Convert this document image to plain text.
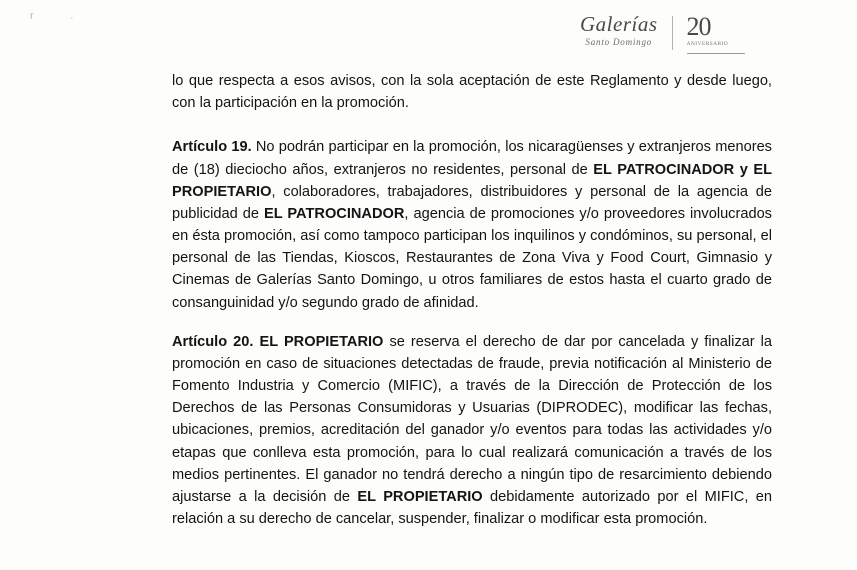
r	·	Galerías
Santo Domingo
20
ANIVERSARIO

lo que respecta a esos avisos, con la sola aceptación de este Reglamento y desde luego, con la participación en la promoción.

Artículo 19. No podrán participar en la promoción, los nicaragüenses y extranjeros menores de (18) dieciocho años, extranjeros no residentes, personal de EL PATROCINADOR y EL PROPIETARIO, colaboradores, trabajadores, distribuidores y personal de la agencia de publicidad de EL PATROCINADOR, agencia de promociones y/o proveedores involucrados en ésta promoción, así como tampoco participan los inquilinos y condóminos, su personal, el personal de las Tiendas, Kioscos, Restaurantes de Zona Viva y Food Court, Gimnasio y Cinemas de Galerías Santo Domingo, u otros familiares de estos hasta el cuarto grado de consanguinidad y/o segundo grado de afinidad.

Artículo 20. EL PROPIETARIO se reserva el derecho de dar por cancelada y finalizar la promoción en caso de situaciones detectadas de fraude, previa notificación al Ministerio de Fomento Industria y Comercio (MIFIC), a través de la Dirección de Protección de los Derechos de las Personas Consumidoras y Usuarias (DIPRODEC), modificar las fechas, ubicaciones, premios, acreditación del ganador y/o eventos para todas las actividades y/o etapas que conlleva esta promoción, para lo cual realizará comunicación a través de los medios pertinentes. El ganador no tendrá derecho a ningún tipo de resarcimiento debiendo ajustarse a la decisión de EL PROPIETARIO debidamente autorizado por el MIFIC, en relación a su derecho de cancelar, suspender, finalizar o modificar esta promoción.
